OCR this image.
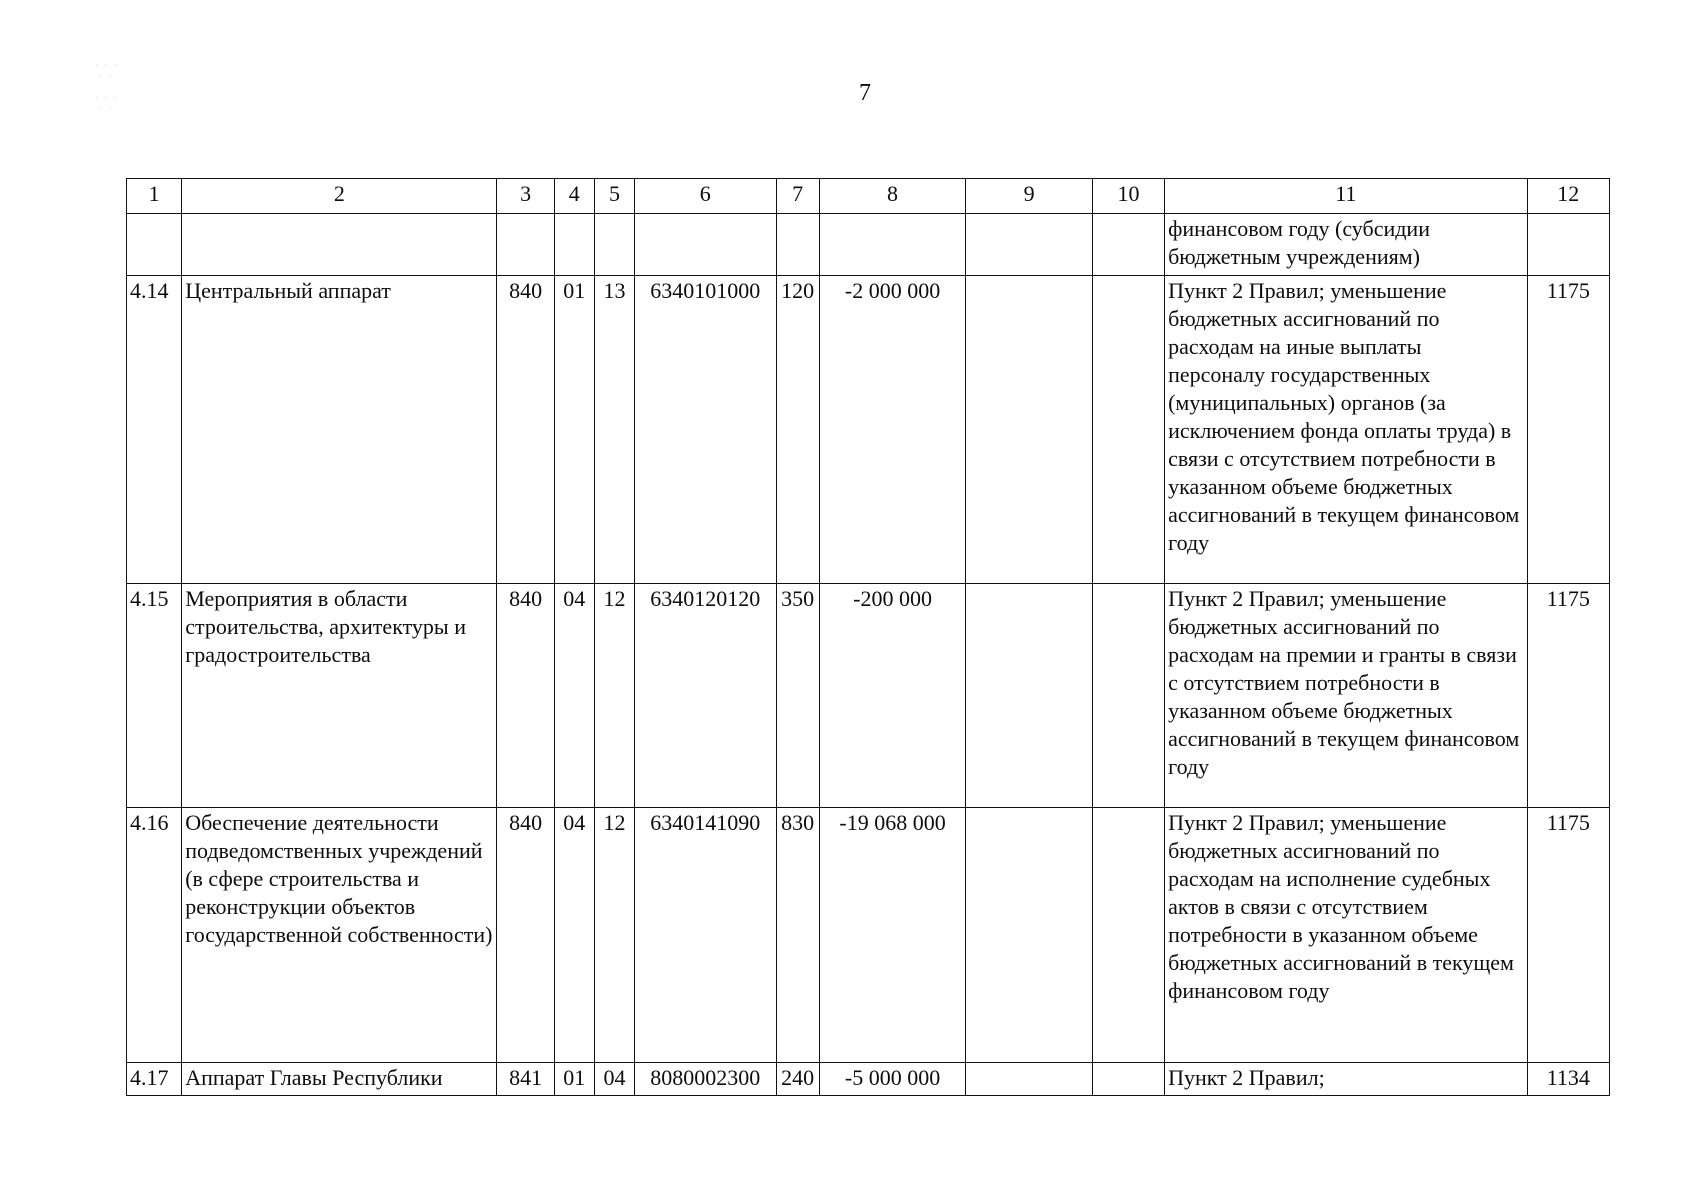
7
· · ·
· ·

· · ·
· ·
1	2	3	4	5	6	7	8	9	10	11	12
										финансовом году (субсидии бюджетным учреждениям)	
4.14	Центральный аппарат	840	01	13	6340101000	120	-2 000 000			Пункт 2 Правил; уменьшение бюджетных ассигнований по расходам на иные выплаты персоналу государственных (муниципальных) органов (за исключением фонда оплаты труда) в связи с отсутствием потребности в указанном объеме бюджетных ассигнований в текущем финансовом году	1175
4.15	Мероприятия в области строительства, архитектуры и градостроительства	840	04	12	6340120120	350	-200 000			Пункт 2 Правил; уменьшение бюджетных ассигнований по расходам на премии и гранты в связи с отсутствием потребности в указанном объеме бюджетных ассигнований в текущем финансовом году	1175
4.16	Обеспечение деятельности подведомственных учреждений (в сфере строительства и реконструкции объектов государственной собственности)	840	04	12	6340141090	830	-19 068 000			Пункт 2 Правил; уменьшение бюджетных ассигнований по расходам на исполнение судебных актов в связи с отсутствием потребности в указанном объеме бюджетных ассигнований в текущем финансовом году	1175
4.17	Аппарат Главы Республики	841	01	04	8080002300	240	-5 000 000			Пункт 2 Правил;	1134
